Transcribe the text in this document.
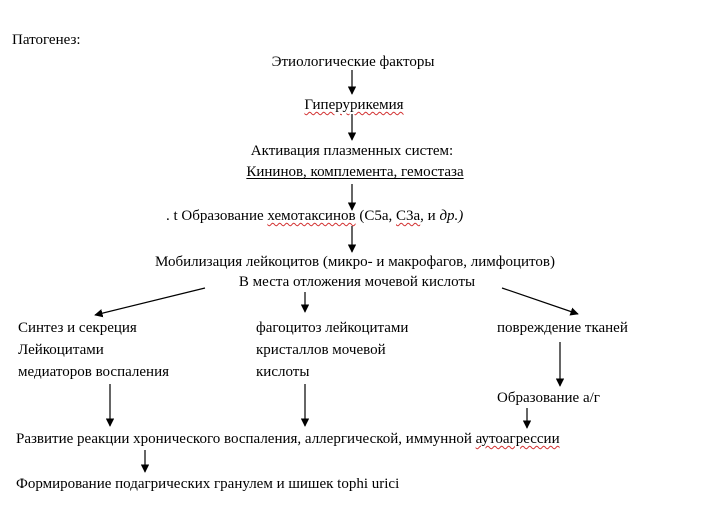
Патогенез:
Этиологические факторы
Гиперурикемия
Активация плазменных систем:
Кининов, комплемента, гемостаза
. t Образование хемотаксинов (С5а, С3а, и др.)
Мобилизация лейкоцитов (микро- и макрофагов, лимфоцитов)
В места отложения мочевой кислоты
Синтез и секреция
Лейкоцитами
медиаторов воспаления
фагоцитоз лейкоцитами
кристаллов мочевой
кислоты
повреждение тканей
Образование а/г
Развитие реакции хронического воспаления, аллергической, иммунной аутоагрессии
Формирование подагрических гранулем и шишек tophi urici
